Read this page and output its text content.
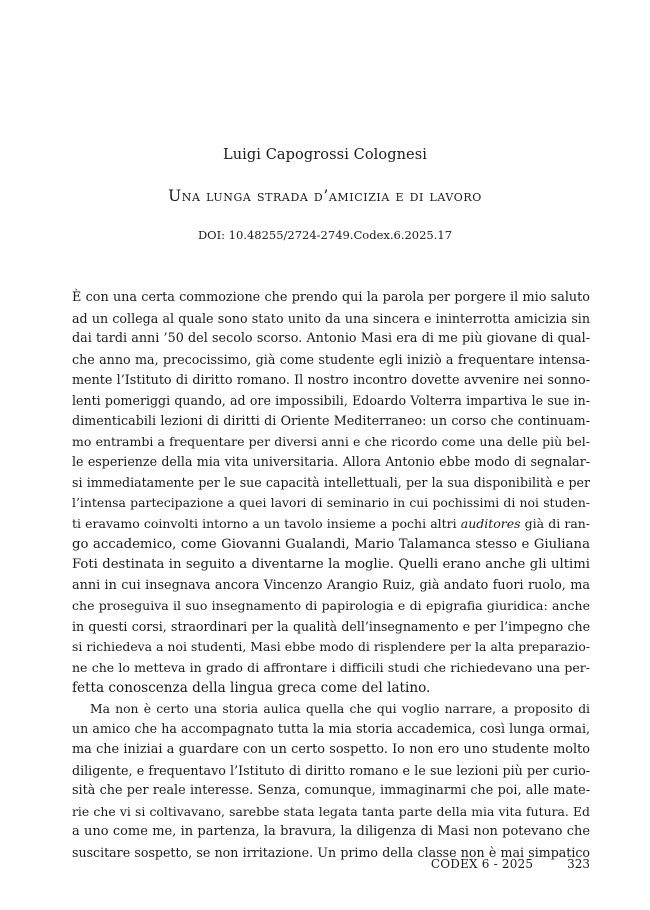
Luigi Capogrossi Colognesi
Una lunga strada d’amicizia e di lavoro
DOI: 10.48255/2724-2749.Codex.6.2025.17

È con una certa commozione che prendo qui la parola per porgere il mio saluto
ad un collega al quale sono stato unito da una sincera e ininterrotta amicizia sin
dai tardi anni ’50 del secolo scorso. Antonio Masi era di me più giovane di qual-
che anno ma, precocissimo, già come studente egli iniziò a frequentare intensa-
mente l’Istituto di diritto romano. Il nostro incontro dovette avvenire nei sonno-
lenti pomeriggi quando, ad ore impossibili, Edoardo Volterra impartiva le sue in-
dimenticabili lezioni di diritti di Oriente Mediterraneo: un corso che continuam-
mo entrambi a frequentare per diversi anni e che ricordo come una delle più bel-
le esperienze della mia vita universitaria. Allora Antonio ebbe modo di segnalar-
si immediatamente per le sue capacità intellettuali, per la sua disponibilità e per
l’intensa partecipazione a quei lavori di seminario in cui pochissimi di noi studen-
ti eravamo coinvolti intorno a un tavolo insieme a pochi altri auditores già di ran-
go accademico, come Giovanni Gualandi, Mario Talamanca stesso e Giuliana
Foti destinata in seguito a diventarne la moglie. Quelli erano anche gli ultimi
anni in cui insegnava ancora Vincenzo Arangio Ruiz, già andato fuori ruolo, ma
che proseguiva il suo insegnamento di papirologia e di epigrafia giuridica: anche
in questi corsi, straordinari per la qualità dell’insegnamento e per l’impegno che
si richiedeva a noi studenti, Masi ebbe modo di risplendere per la alta preparazio-
ne che lo metteva in grado di affrontare i difficili studi che richiedevano una per-
fetta conoscenza della lingua greca come del latino.

Ma non è certo una storia aulica quella che qui voglio narrare, a proposito di
un amico che ha accompagnato tutta la mia storia accademica, così lunga ormai,
ma che iniziai a guardare con un certo sospetto. Io non ero uno studente molto
diligente, e frequentavo l’Istituto di diritto romano e le sue lezioni più per curio-
sità che per reale interesse. Senza, comunque, immaginarmi che poi, alle mate-
rie che vi si coltivavano, sarebbe stata legata tanta parte della mia vita futura. Ed
a uno come me, in partenza, la bravura, la diligenza di Masi non potevano che
suscitare sospetto, se non irritazione. Un primo della classe non è mai simpatico

CODEX 6 - 2025	323
